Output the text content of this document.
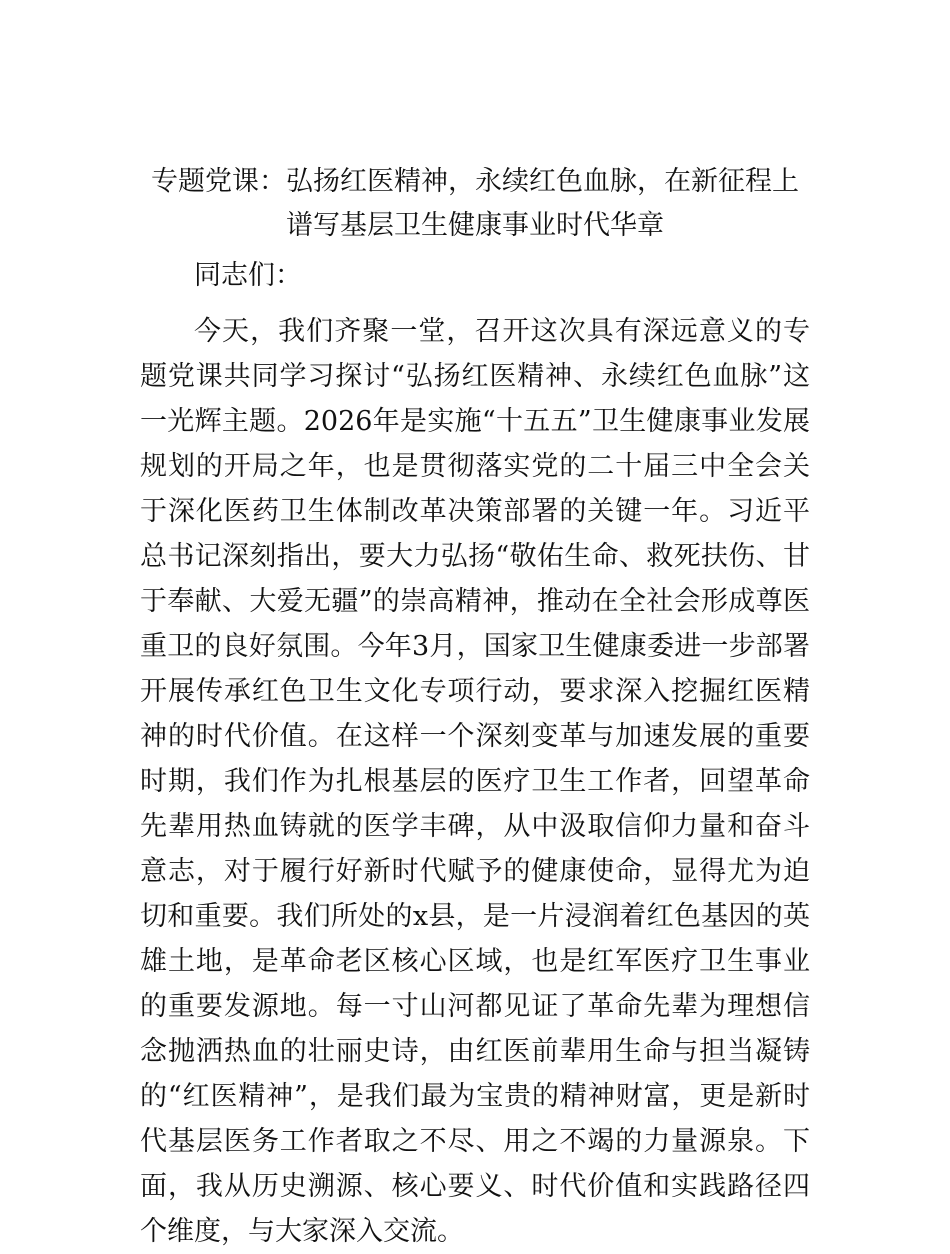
专题党课：弘扬红医精神，永续红色血脉，在新征程上谱写基层卫生健康事业时代华章

同志们：

今天，我们齐聚一堂，召开这次具有深远意义的专题党课共同学习探讨“弘扬红医精神、永续红色血脉”这一光辉主题。2026年是实施“十五五”卫生健康事业发展规划的开局之年，也是贯彻落实党的二十届三中全会关于深化医药卫生体制改革决策部署的关键一年。习近平总书记深刻指出，要大力弘扬“敬佑生命、救死扶伤、甘于奉献、大爱无疆”的崇高精神，推动在全社会形成尊医重卫的良好氛围。今年3月，国家卫生健康委进一步部署开展传承红色卫生文化专项行动，要求深入挖掘红医精神的时代价值。在这样一个深刻变革与加速发展的重要时期，我们作为扎根基层的医疗卫生工作者，回望革命先辈用热血铸就的医学丰碑，从中汲取信仰力量和奋斗意志，对于履行好新时代赋予的健康使命，显得尤为迫切和重要。我们所处的x县，是一片浸润着红色基因的英雄土地，是革命老区核心区域，也是红军医疗卫生事业的重要发源地。每一寸山河都见证了革命先辈为理想信念抛洒热血的壮丽史诗，由红医前辈用生命与担当凝铸的“红医精神”，是我们最为宝贵的精神财富，更是新时代基层医务工作者取之不尽、用之不竭的力量源泉。下面，我从历史溯源、核心要义、时代价值和实践路径四个维度，与大家深入交流。
